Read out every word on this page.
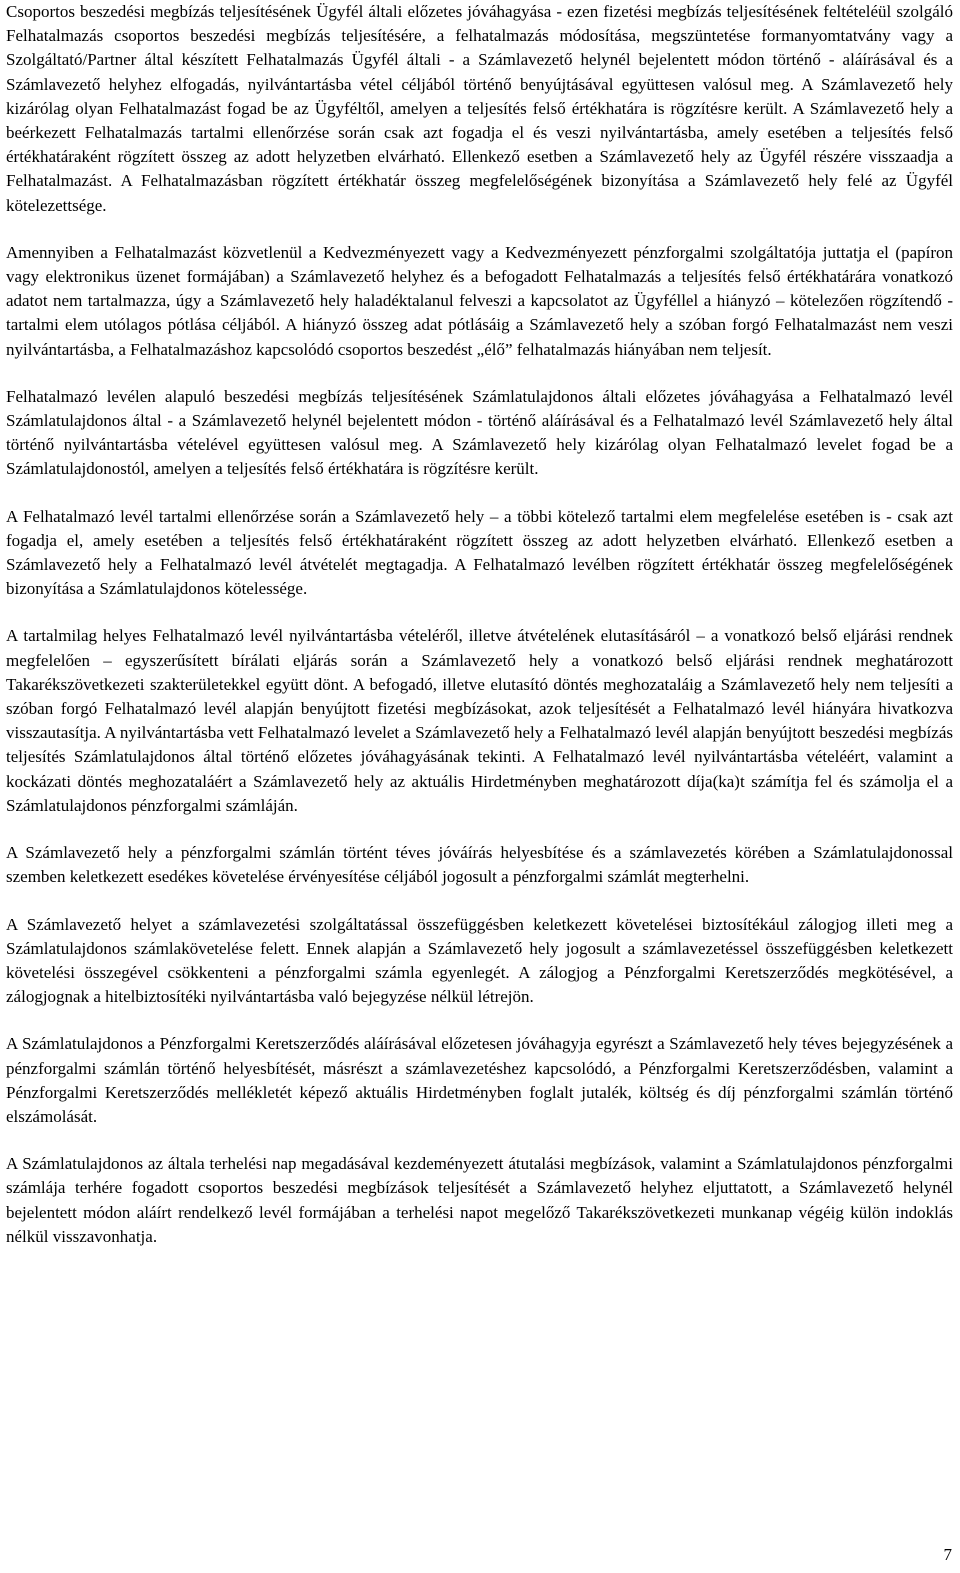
Csoportos beszedési megbízás teljesítésének Ügyfél általi előzetes jóváhagyása - ezen fizetési megbízás teljesítésének feltételéül szolgáló Felhatalmazás csoportos beszedési megbízás teljesítésére, a felhatalmazás módosítása, megszüntetése formanyomtatvány vagy a Szolgáltató/Partner által készített Felhatalmazás Ügyfél általi - a Számlavezető helynél bejelentett módon történő - aláírásával és a Számlavezető helyhez elfogadás, nyilvántartásba vétel céljából történő benyújtásával együttesen valósul meg. A Számlavezető hely kizárólag olyan Felhatalmazást fogad be az Ügyféltől, amelyen a teljesítés felső értékhatára is rögzítésre került. A Számlavezető hely a beérkezett Felhatalmazás tartalmi ellenőrzése során csak azt fogadja el és veszi nyilvántartásba, amely esetében a teljesítés felső értékhatáraként rögzített összeg az adott helyzetben elvárható. Ellenkező esetben a Számlavezető hely az Ügyfél részére visszaadja a Felhatalmazást. A Felhatalmazásban rögzített értékhatár összeg megfelelőségének bizonyítása a Számlavezető hely felé az Ügyfél kötelezettsége.

Amennyiben a Felhatalmazást közvetlenül a Kedvezményezett vagy a Kedvezményezett pénzforgalmi szolgáltatója juttatja el (papíron vagy elektronikus üzenet formájában) a Számlavezető helyhez és a befogadott Felhatalmazás a teljesítés felső értékhatárára vonatkozó adatot nem tartalmazza, úgy a Számlavezető hely haladéktalanul felveszi a kapcsolatot az Ügyféllel a hiányzó – kötelezően rögzítendő - tartalmi elem utólagos pótlása céljából. A hiányzó összeg adat pótlásáig a Számlavezető hely a szóban forgó Felhatalmazást nem veszi nyilvántartásba, a Felhatalmazáshoz kapcsolódó csoportos beszedést „élő” felhatalmazás hiányában nem teljesít.

Felhatalmazó levélen alapuló beszedési megbízás teljesítésének Számlatulajdonos általi előzetes jóváhagyása a Felhatalmazó levél Számlatulajdonos által - a Számlavezető helynél bejelentett módon - történő aláírásával és a Felhatalmazó levél Számlavezető hely által történő nyilvántartásba vételével együttesen valósul meg. A Számlavezető hely kizárólag olyan Felhatalmazó levelet fogad be a Számlatulajdonostól, amelyen a teljesítés felső értékhatára is rögzítésre került.

A Felhatalmazó levél tartalmi ellenőrzése során a Számlavezető hely – a többi kötelező tartalmi elem megfelelése esetében is - csak azt fogadja el, amely esetében a teljesítés felső értékhatáraként rögzített összeg az adott helyzetben elvárható. Ellenkező esetben a Számlavezető hely a Felhatalmazó levél átvételét megtagadja. A Felhatalmazó levélben rögzített értékhatár összeg megfelelőségének bizonyítása a Számlatulajdonos kötelessége.

A tartalmilag helyes Felhatalmazó levél nyilvántartásba vételéről, illetve átvételének elutasításáról – a vonatkozó belső eljárási rendnek megfelelően – egyszerűsített bírálati eljárás során a Számlavezető hely a vonatkozó belső eljárási rendnek meghatározott Takarékszövetkezeti szakterületekkel együtt dönt. A befogadó, illetve elutasító döntés meghozataláig a Számlavezető hely nem teljesíti a szóban forgó Felhatalmazó levél alapján benyújtott fizetési megbízásokat, azok teljesítését a Felhatalmazó levél hiányára hivatkozva visszautasítja. A nyilvántartásba vett Felhatalmazó levelet a Számlavezető hely a Felhatalmazó levél alapján benyújtott beszedési megbízás teljesítés Számlatulajdonos által történő előzetes jóváhagyásának tekinti. A Felhatalmazó levél nyilvántartásba vételéért, valamint a kockázati döntés meghozataláért a Számlavezető hely az aktuális Hirdetményben meghatározott díja(ka)t számítja fel és számolja el a Számlatulajdonos pénzforgalmi számláján.

A Számlavezető hely a pénzforgalmi számlán történt téves jóváírás helyesbítése és a számlavezetés körében a Számlatulajdonossal szemben keletkezett esedékes követelése érvényesítése céljából jogosult a pénzforgalmi számlát megterhelni.

A Számlavezető helyet a számlavezetési szolgáltatással összefüggésben keletkezett követelései biztosítékául zálogjog illeti meg a Számlatulajdonos számlakövetelése felett. Ennek alapján a Számlavezető hely jogosult a számlavezetéssel összefüggésben keletkezett követelési összegével csökkenteni a pénzforgalmi számla egyenlegét. A zálogjog a Pénzforgalmi Keretszerződés megkötésével, a zálogjognak a hitelbiztosítéki nyilvántartásba való bejegyzése nélkül létrejön.

A Számlatulajdonos a Pénzforgalmi Keretszerződés aláírásával előzetesen jóváhagyja egyrészt a Számlavezető hely téves bejegyzésének a pénzforgalmi számlán történő helyesbítését, másrészt a számlavezetéshez kapcsolódó, a Pénzforgalmi Keretszerződésben, valamint a Pénzforgalmi Keretszerződés mellékletét képező aktuális Hirdetményben foglalt jutalék, költség és díj pénzforgalmi számlán történő elszámolását.

A Számlatulajdonos az általa terhelési nap megadásával kezdeményezett átutalási megbízások, valamint a Számlatulajdonos pénzforgalmi számlája terhére fogadott csoportos beszedési megbízások teljesítését a Számlavezető helyhez eljuttatott, a Számlavezető helynél bejelentett módon aláírt rendelkező levél formájában a terhelési napot megelőző Takarékszövetkezeti munkanap végéig külön indoklás nélkül visszavonhatja.

7
